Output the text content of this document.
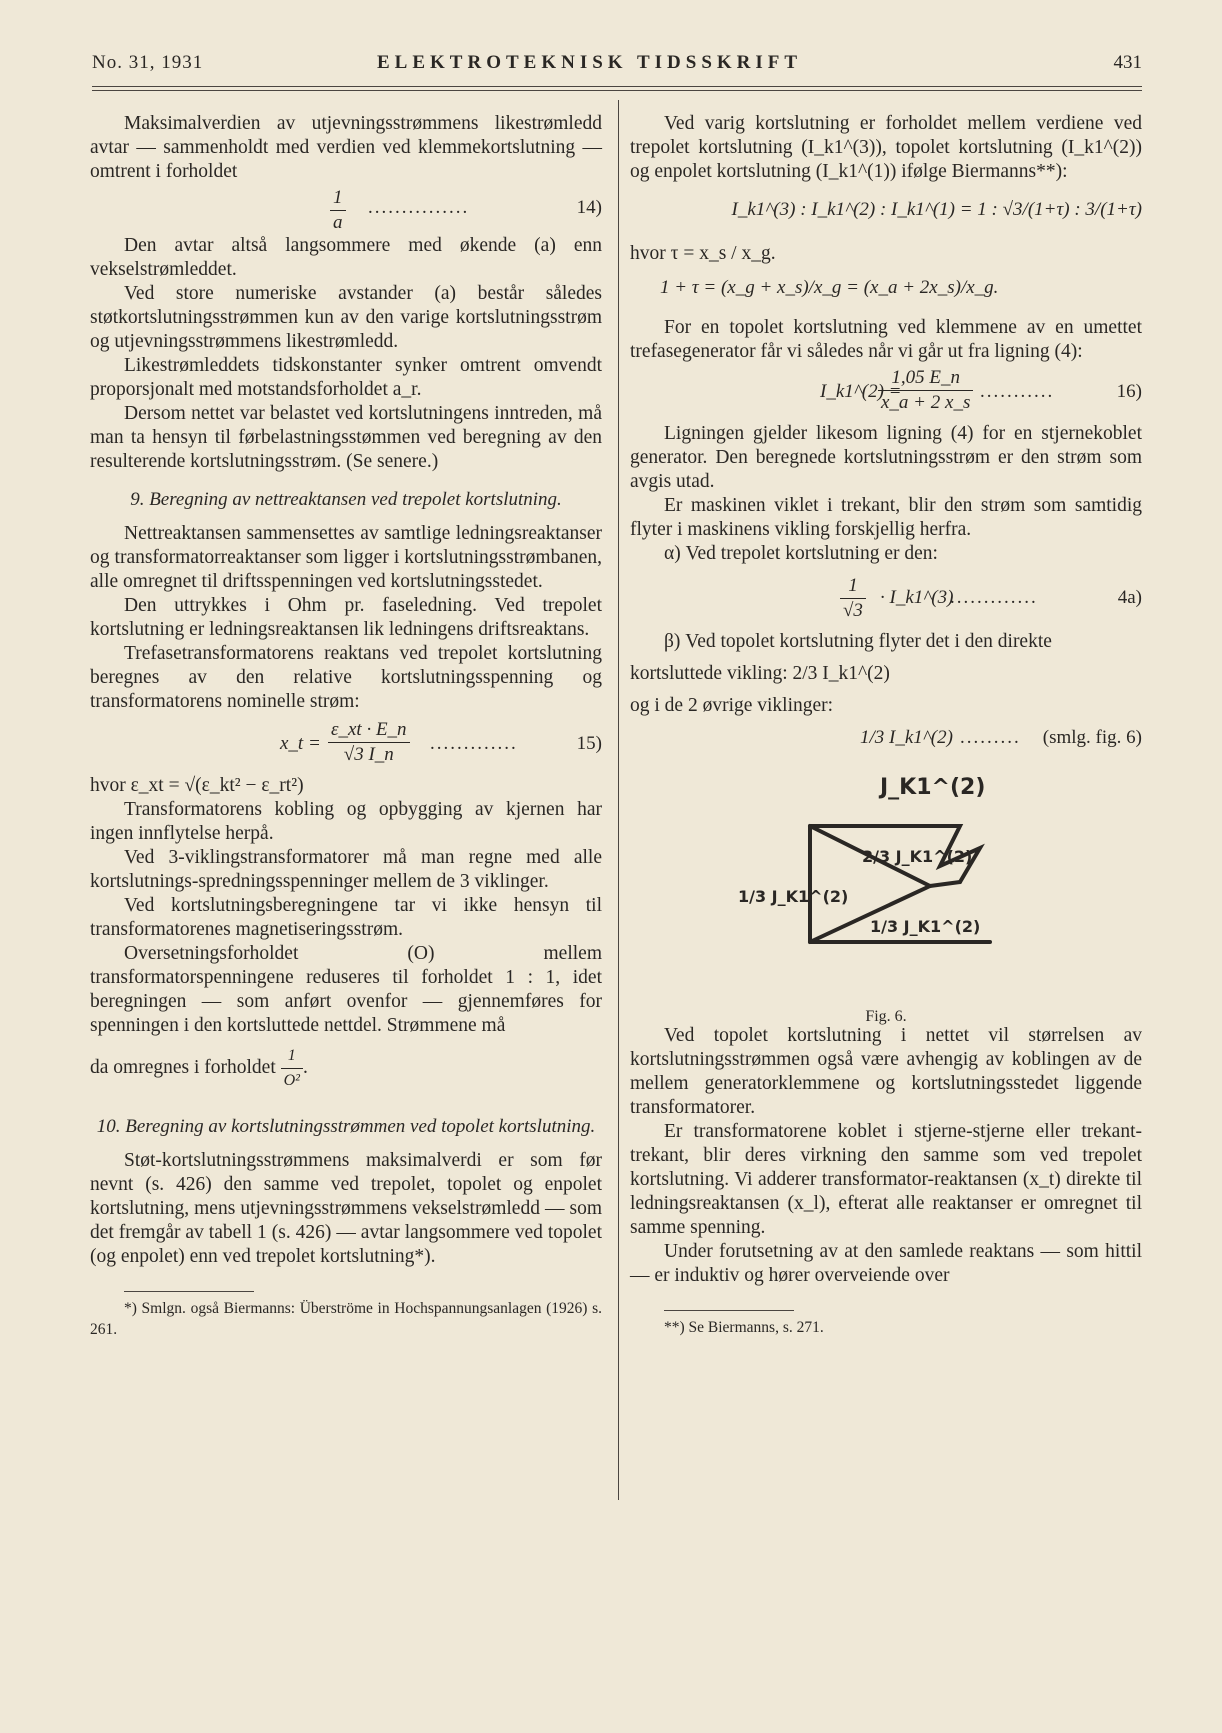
No. 31, 1931	ELEKTROTEKNISK TIDSSKRIFT	431

Maksimalverdien av utjevningsstrømmens likestrømledd avtar — sammenholdt med verdien ved klemmekortslutning — omtrent i forholdet

$\frac{1}{a}$ ...............	14)

Den avtar altså langsommere med økende (a) enn vekselstrømleddet.

Ved store numeriske avstander (a) består således støtkortslutningsstrømmen kun av den varige kortslutningsstrøm og utjevningsstrømmens likestrømledd.

Likestrømleddets tidskonstanter synker omtrent omvendt proporsjonalt med motstandsforholdet a_r.

Dersom nettet var belastet ved kortslutningens inntreden, må man ta hensyn til førbelastningsstømmen ved beregning av den resulterende kortslutningsstrøm. (Se senere.)

9. Beregning av nettreaktansen ved trepolet kortslutning.

Nettreaktansen sammensettes av samtlige ledningsreaktanser og transformatorreaktanser som ligger i kortslutningsstrømbanen, alle omregnet til driftsspenningen ved kortslutningsstedet.

Den uttrykkes i Ohm pr. faseledning. Ved trepolet kortslutning er ledningsreaktansen lik ledningens driftsreaktans.

Trefasetransformatorens reaktans ved trepolet kortslutning beregnes av den relative kortslutningsspenning og transformatorens nominelle strøm:

x_t = $\frac{\varepsilon\_xt \cdot E\_n}{√3 I\_n}$ .............	15)

hvor ε_xt = √(ε_kt² − ε_rt²)

Transformatorens kobling og opbygging av kjernen har ingen innflytelse herpå.

Ved 3-viklingstransformatorer må man regne med alle kortslutnings-spredningsspenninger mellem de 3 viklinger.

Ved kortslutningsberegningene tar vi ikke hensyn til transformatorenes magnetiseringsstrøm.

Oversetningsforholdet (O) mellem transformatorspenningene reduseres til forholdet 1 : 1, idet beregningen — som anført ovenfor — gjennemføres for spenningen i den kortsluttede nettdel. Strømmene må

da omregnes i forholdet $\frac{1}{\text{O²}}$ .

10. Beregning av kortslutningsstrømmen ved topolet kortslutning.

Støt-kortslutningsstrømmens maksimalverdi er som før nevnt (s. 426) den samme ved trepolet, topolet og enpolet kortslutning, mens utjevningsstrømmens vekselstrømledd — som det fremgår av tabell 1 (s. 426) — avtar langsommere ved topolet (og enpolet) enn ved trepolet kortslutning*).

*) Smlgn. også Biermanns: Überströme in Hochspannungsanlagen (1926) s. 261.

Ved varig kortslutning er forholdet mellem verdiene ved trepolet kortslutning (I_k1^(3)), topolet kortslutning (I_k1^(2)) og enpolet kortslutning (I_k1^(1)) ifølge Biermanns**):

I_k1^(3) : I_k1^(2) : I_k1^(1) = 1 : √3/(1+τ) : 3/(1+τ)

hvor τ = x_s / x_g.

1 + τ = (x_g + x_s)/x_g = (x_a + 2x_s)/x_g.

For en topolet kortslutning ved klemmene av en umettet trefasegenerator får vi således når vi går ut fra ligning (4):

I_k1^(2) =
$\frac{1,05 E\_n}{x\_a + 2 x\_s}$ ...........	16)

Ligningen gjelder likesom ligning (4) for en stjernekoblet generator. Den beregnede kortslutningsstrøm er den strøm som avgis utad.

Er maskinen viklet i trekant, blir den strøm som samtidig flyter i maskinens vikling forskjellig herfra.

α) Ved trepolet kortslutning er den:

$\frac{1}{√3}$ · I_k1^(3)
.............	4a)

β) Ved topolet kortslutning flyter det i den direkte

kortsluttede vikling: 2/3 I_k1^(2)

og i de 2 øvrige viklinger:

1/3 I_k1^(2) ......... (smlg. fig. 6)
J_K1^(2)
2/3 J_K1^(2)
1/3 J_K1^(2)
1/3 J_K1^(2)
Fig. 6.

Ved topolet kortslutning i nettet vil størrelsen av kortslutningsstrømmen også være avhengig av koblingen av de mellem generatorklemmene og kortslutningsstedet liggende transformatorer.

Er transformatorene koblet i stjerne-stjerne eller trekant-trekant, blir deres virkning den samme som ved trepolet kortslutning. Vi adderer transformator-reaktansen (x_t) direkte til ledningsreaktansen (x_l), efterat alle reaktanser er omregnet til samme spenning.

Under forutsetning av at den samlede reaktans — som hittil — er induktiv og hører overveiende over

**) Se Biermanns, s. 271.
